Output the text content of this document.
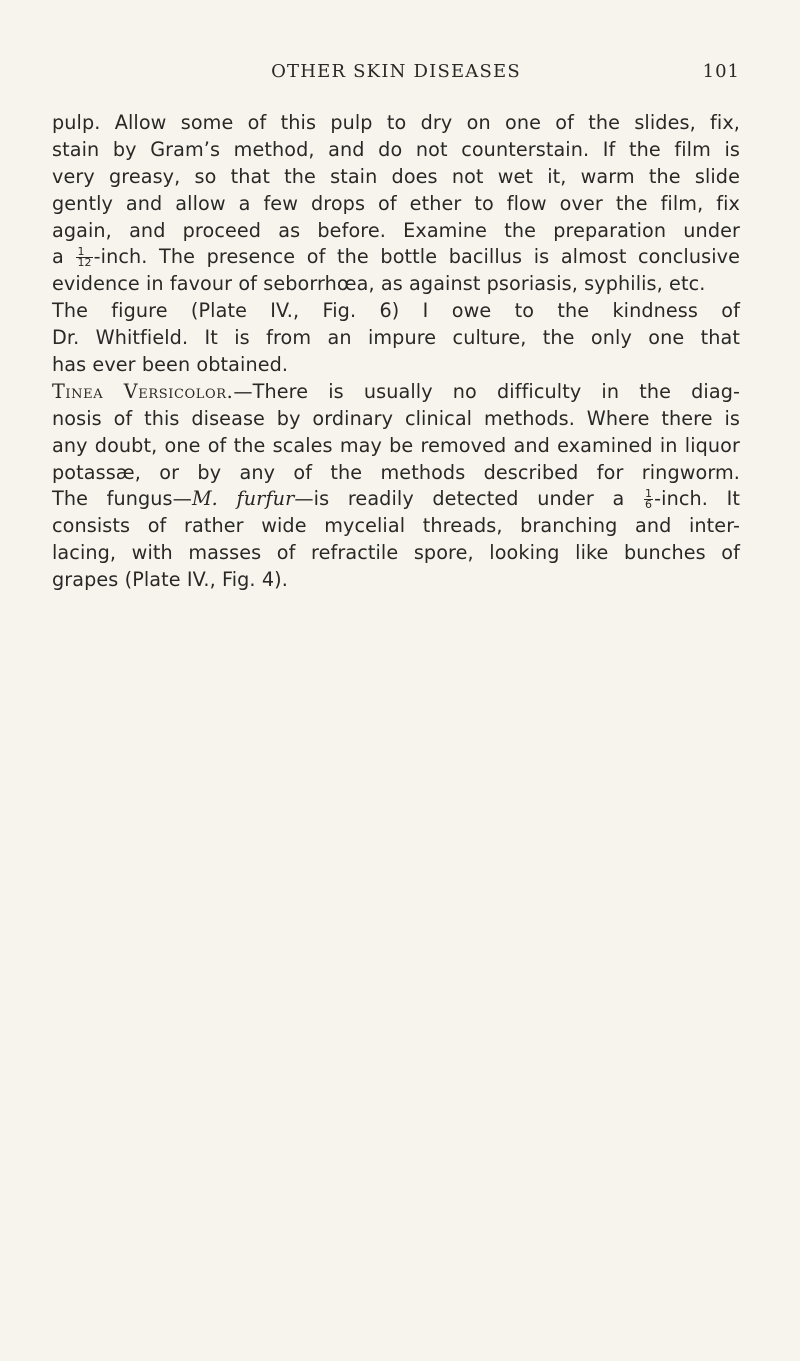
OTHER SKIN DISEASES	101
pulp. Allow some of this pulp to dry on one of the slides, fix,
stain by Gram’s method, and do not counterstain. If the film is
very greasy, so that the stain does not wet it, warm the slide
gently and allow a few drops of ether to flow over the film, fix
again, and proceed as before. Examine the preparation under
a $\frac{1}{12}$ -inch. The presence of the bottle bacillus is almost conclusive
evidence in favour of seborrhœa, as against psoriasis, syphilis, etc.
The figure (Plate IV., Fig. 6) I owe to the kindness of
Dr. Whitfield. It is from an impure culture, the only one that
has ever been obtained.
Tinea Versicolor.—There is usually no difficulty in the diag-
nosis of this disease by ordinary clinical methods. Where there is
any doubt, one of the scales may be removed and examined in liquor
potassæ, or by any of the methods described for ringworm.
The fungus—M. furfur—is readily detected under a $\frac{1}{6}$ -inch. It
consists of rather wide mycelial threads, branching and inter-
lacing, with masses of refractile spore, looking like bunches of
grapes (Plate IV., Fig. 4).
